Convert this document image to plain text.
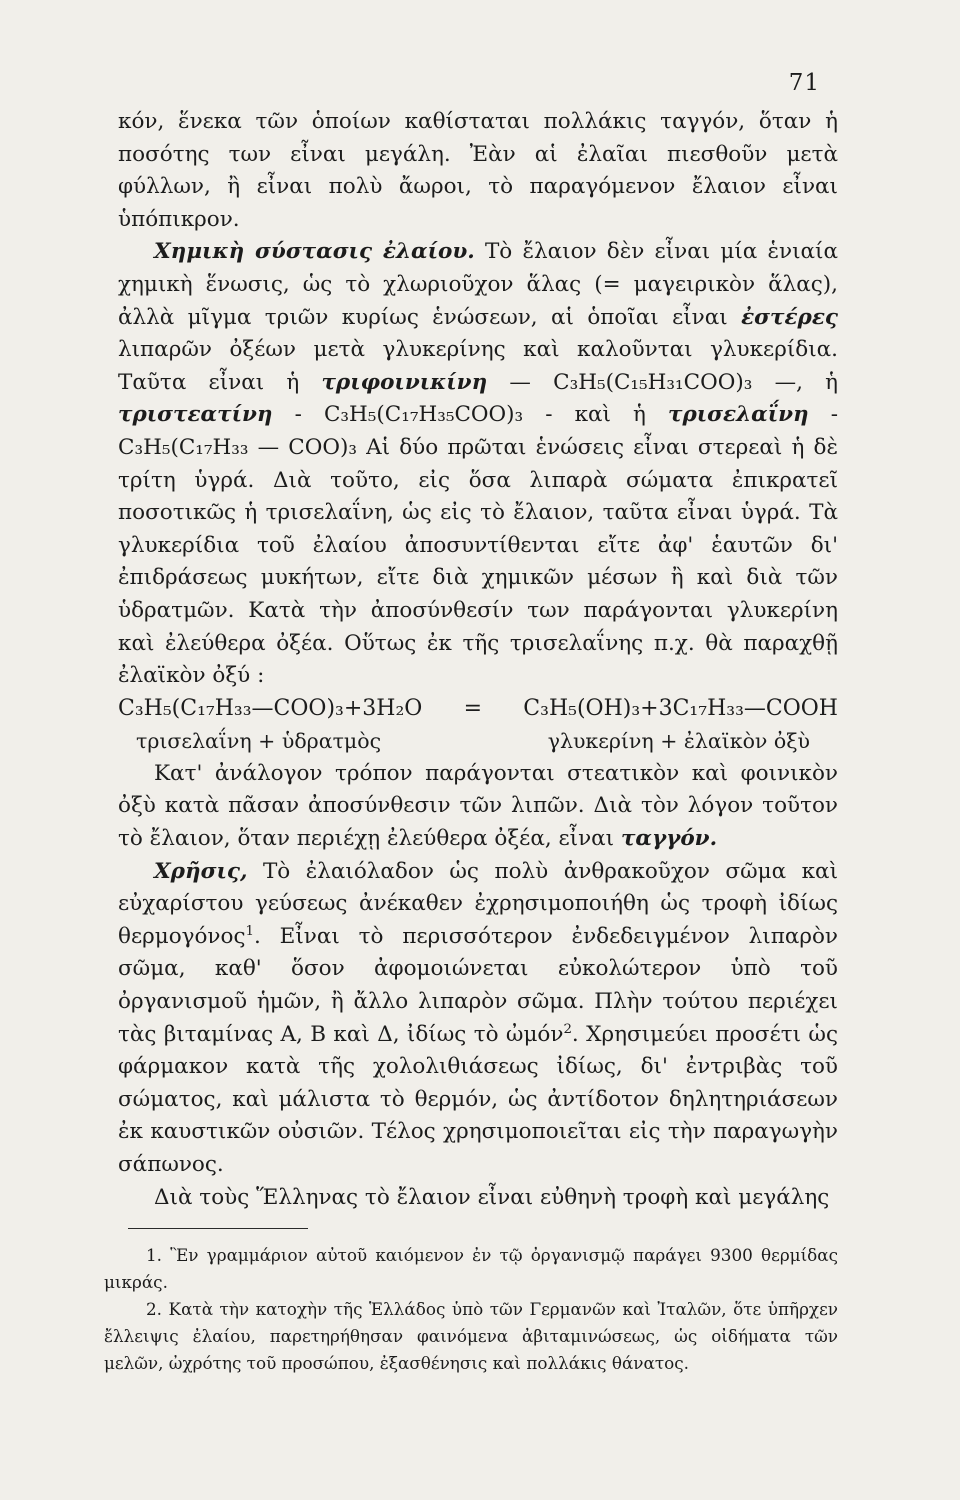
71

κόν, ἕνεκα τῶν ὁποίων καθίσταται πολλάκις ταγγόν, ὅταν ἡ ποσότης των εἶναι μεγάλη. Ἐὰν αἱ ἐλαῖαι πιεσθοῦν μετὰ φύλλων, ἢ εἶναι πολὺ ἄωροι, τὸ παραγόμενον ἔλαιον εἶναι ὑπόπικρον.

Χημικὴ σύστασις ἐλαίου. Τὸ ἔλαιον δὲν εἶναι μία ἑνιαία χημικὴ ἕνωσις, ὡς τὸ χλωριοῦχον ἅλας (= μαγειρικὸν ἅλας), ἀλλὰ μῖγμα τριῶν κυρίως ἑνώσεων, αἱ ὁποῖαι εἶναι ἐστέρες λιπαρῶν ὀξέων μετὰ γλυκερίνης καὶ καλοῦνται γλυκερίδια. Ταῦτα εἶναι ἡ τριφοινικίνη — C₃H₅(C₁₅H₃₁COO)₃ —, ἡ τριστεατίνη - C₃H₅(C₁₇H₃₅COO)₃ - καὶ ἡ τρισελαΐνη - C₃H₅(C₁₇H₃₃ — COO)₃ Αἱ δύο πρῶται ἑνώσεις εἶναι στερεαὶ ἡ δὲ τρίτη ὑγρά. Διὰ τοῦτο, εἰς ὅσα λιπαρὰ σώματα ἐπικρατεῖ ποσοτικῶς ἡ τρισελαΐνη, ὡς εἰς τὸ ἔλαιον, ταῦτα εἶναι ὑγρά. Τὰ γλυκερίδια τοῦ ἐλαίου ἀποσυντίθενται εἴτε ἀφ' ἑαυτῶν δι' ἐπιδράσεως μυκήτων, εἴτε διὰ χημικῶν μέσων ἢ καὶ διὰ τῶν ὑδρατμῶν. Κατὰ τὴν ἀποσύνθεσίν των παράγονται γλυκερίνη καὶ ἐλεύθερα ὀξέα. Οὕτως ἐκ τῆς τρισελαΐνης π.χ. θὰ παραχθῇ ἐλαϊκὸν ὀξύ :

C₃H₅(C₁₇H₃₃—COO)₃+3H₂O = C₃H₅(OH)₃+3C₁₇H₃₃—COOH
τρισελαΐνη + ὑδρατμὸς	γλυκερίνη + ἐλαϊκὸν ὀξὺ

Κατ' ἀνάλογον τρόπον παράγονται στεατικὸν καὶ φοινικὸν ὀξὺ κατὰ πᾶσαν ἀποσύνθεσιν τῶν λιπῶν. Διὰ τὸν λόγον τοῦτον τὸ ἔλαιον, ὅταν περιέχῃ ἐλεύθερα ὀξέα, εἶναι ταγγόν.

Χρῆσις, Τὸ ἐλαιόλαδον ὡς πολὺ ἀνθρακοῦχον σῶμα καὶ εὐχαρίστου γεύσεως ἀνέκαθεν ἐχρησιμοποιήθη ὡς τροφὴ ἰδίως θερμογόνος$^1$. Εἶναι τὸ περισσότερον ἐνδεδειγμένον λιπαρὸν σῶμα, καθ' ὅσον ἀφομοιώνεται εὐκολώτερον ὑπὸ τοῦ ὀργανισμοῦ ἡμῶν, ἢ ἄλλο λιπαρὸν σῶμα. Πλὴν τούτου περιέχει τὰς βιταμίνας Α, Β καὶ Δ, ἰδίως τὸ ὠμόν$^2$. Χρησιμεύει προσέτι ὡς φάρμακον κατὰ τῆς χολολιθιάσεως ἰδίως, δι' ἐντριβὰς τοῦ σώματος, καὶ μάλιστα τὸ θερμόν, ὡς ἀντίδοτον δηλητηριάσεων ἐκ καυστικῶν οὐσιῶν. Τέλος χρησιμοποιεῖται εἰς τὴν παραγωγὴν σάπωνος.

Διὰ τοὺς Ἕλληνας τὸ ἔλαιον εἶναι εὐθηνὴ τροφὴ καὶ μεγάλης

1. Ἓν γραμμάριον αὐτοῦ καιόμενον ἐν τῷ ὀργανισμῷ παράγει 9300 θερμίδας μικράς.

2. Κατὰ τὴν κατοχὴν τῆς Ἑλλάδος ὑπὸ τῶν Γερμανῶν καὶ Ἰταλῶν, ὅτε ὑπῆρχεν ἔλλειψις ἐλαίου, παρετηρήθησαν φαινόμενα ἀβιταμινώσεως, ὡς οἰδήματα τῶν μελῶν, ὠχρότης τοῦ προσώπου, ἐξασθένησις καὶ πολλάκις θάνατος.
